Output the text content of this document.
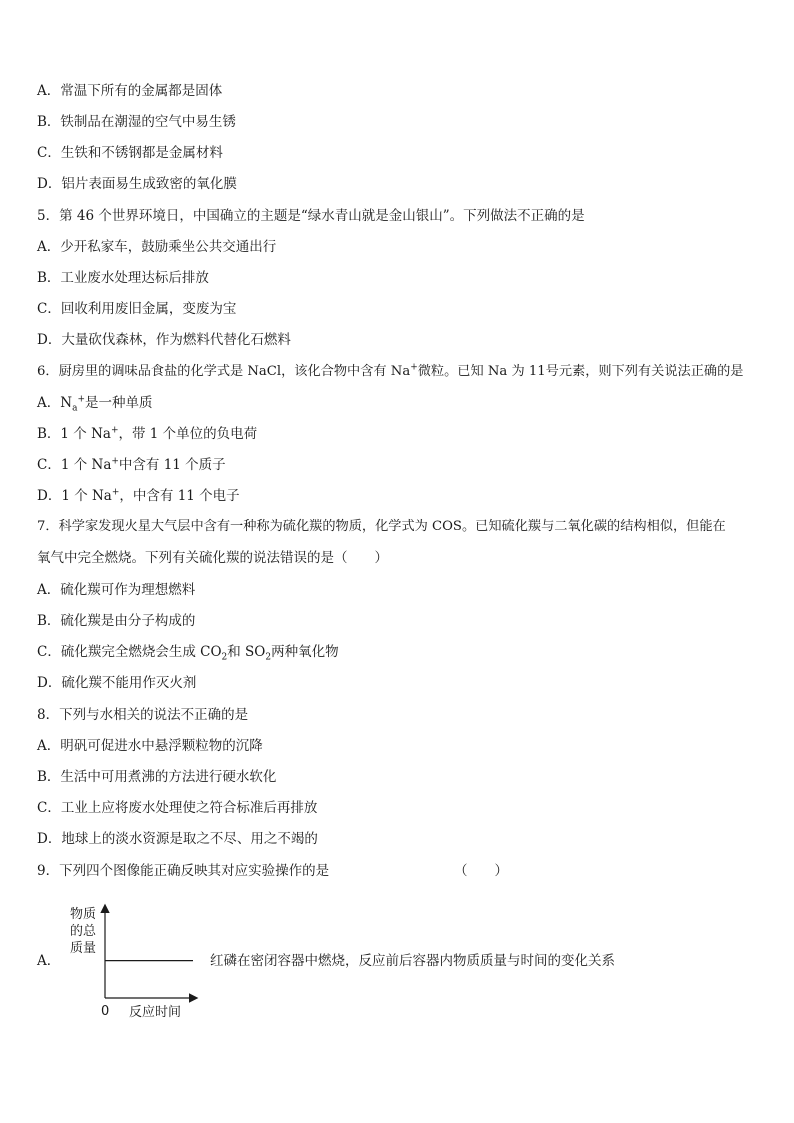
A．常温下所有的金属都是固体
B．铁制品在潮湿的空气中易生锈
C．生铁和不锈钢都是金属材料
D．铝片表面易生成致密的氧化膜
5．第 46 个世界环境日，中国确立的主题是“绿水青山就是金山银山”。下列做法不正确的是
A．少开私家车，鼓励乘坐公共交通出行
B．工业废水处理达标后排放
C．回收利用废旧金属，变废为宝
D．大量砍伐森林，作为燃料代替化石燃料
6．厨房里的调味品食盐的化学式是 NaCl，该化合物中含有 Na+微粒。已知 Na 为 11号元素，则下列有关说法正确的是
A．$N_a^+$是一种单质
B．1 个 Na+，带 1 个单位的负电荷
C．1 个 Na+中含有 11 个质子
D．1 个 Na+，中含有 11 个电子
7．科学家发现火星大气层中含有一种称为硫化羰的物质，化学式为 COS。已知硫化羰与二氧化碳的结构相似，但能在
氧气中完全燃烧。下列有关硫化羰的说法错误的是（　　）
A．硫化羰可作为理想燃料
B．硫化羰是由分子构成的
C．硫化羰完全燃烧会生成 $CO_2$和 $SO_2$两种氧化物
D．硫化羰不能用作灭火剂
8．下列与水相关的说法不正确的是
A．明矾可促进水中悬浮颗粒物的沉降
B．生活中可用煮沸的方法进行硬水软化
C．工业上应将废水处理使之符合标准后再排放
D．地球上的淡水资源是取之不尽、用之不竭的
9．下列四个图像能正确反映其对应实验操作的是	（　　）
A．	红磷在密闭容器中燃烧，反应前后容器内物质质量与时间的变化关系
物质
的总
质量
0 反应时间
